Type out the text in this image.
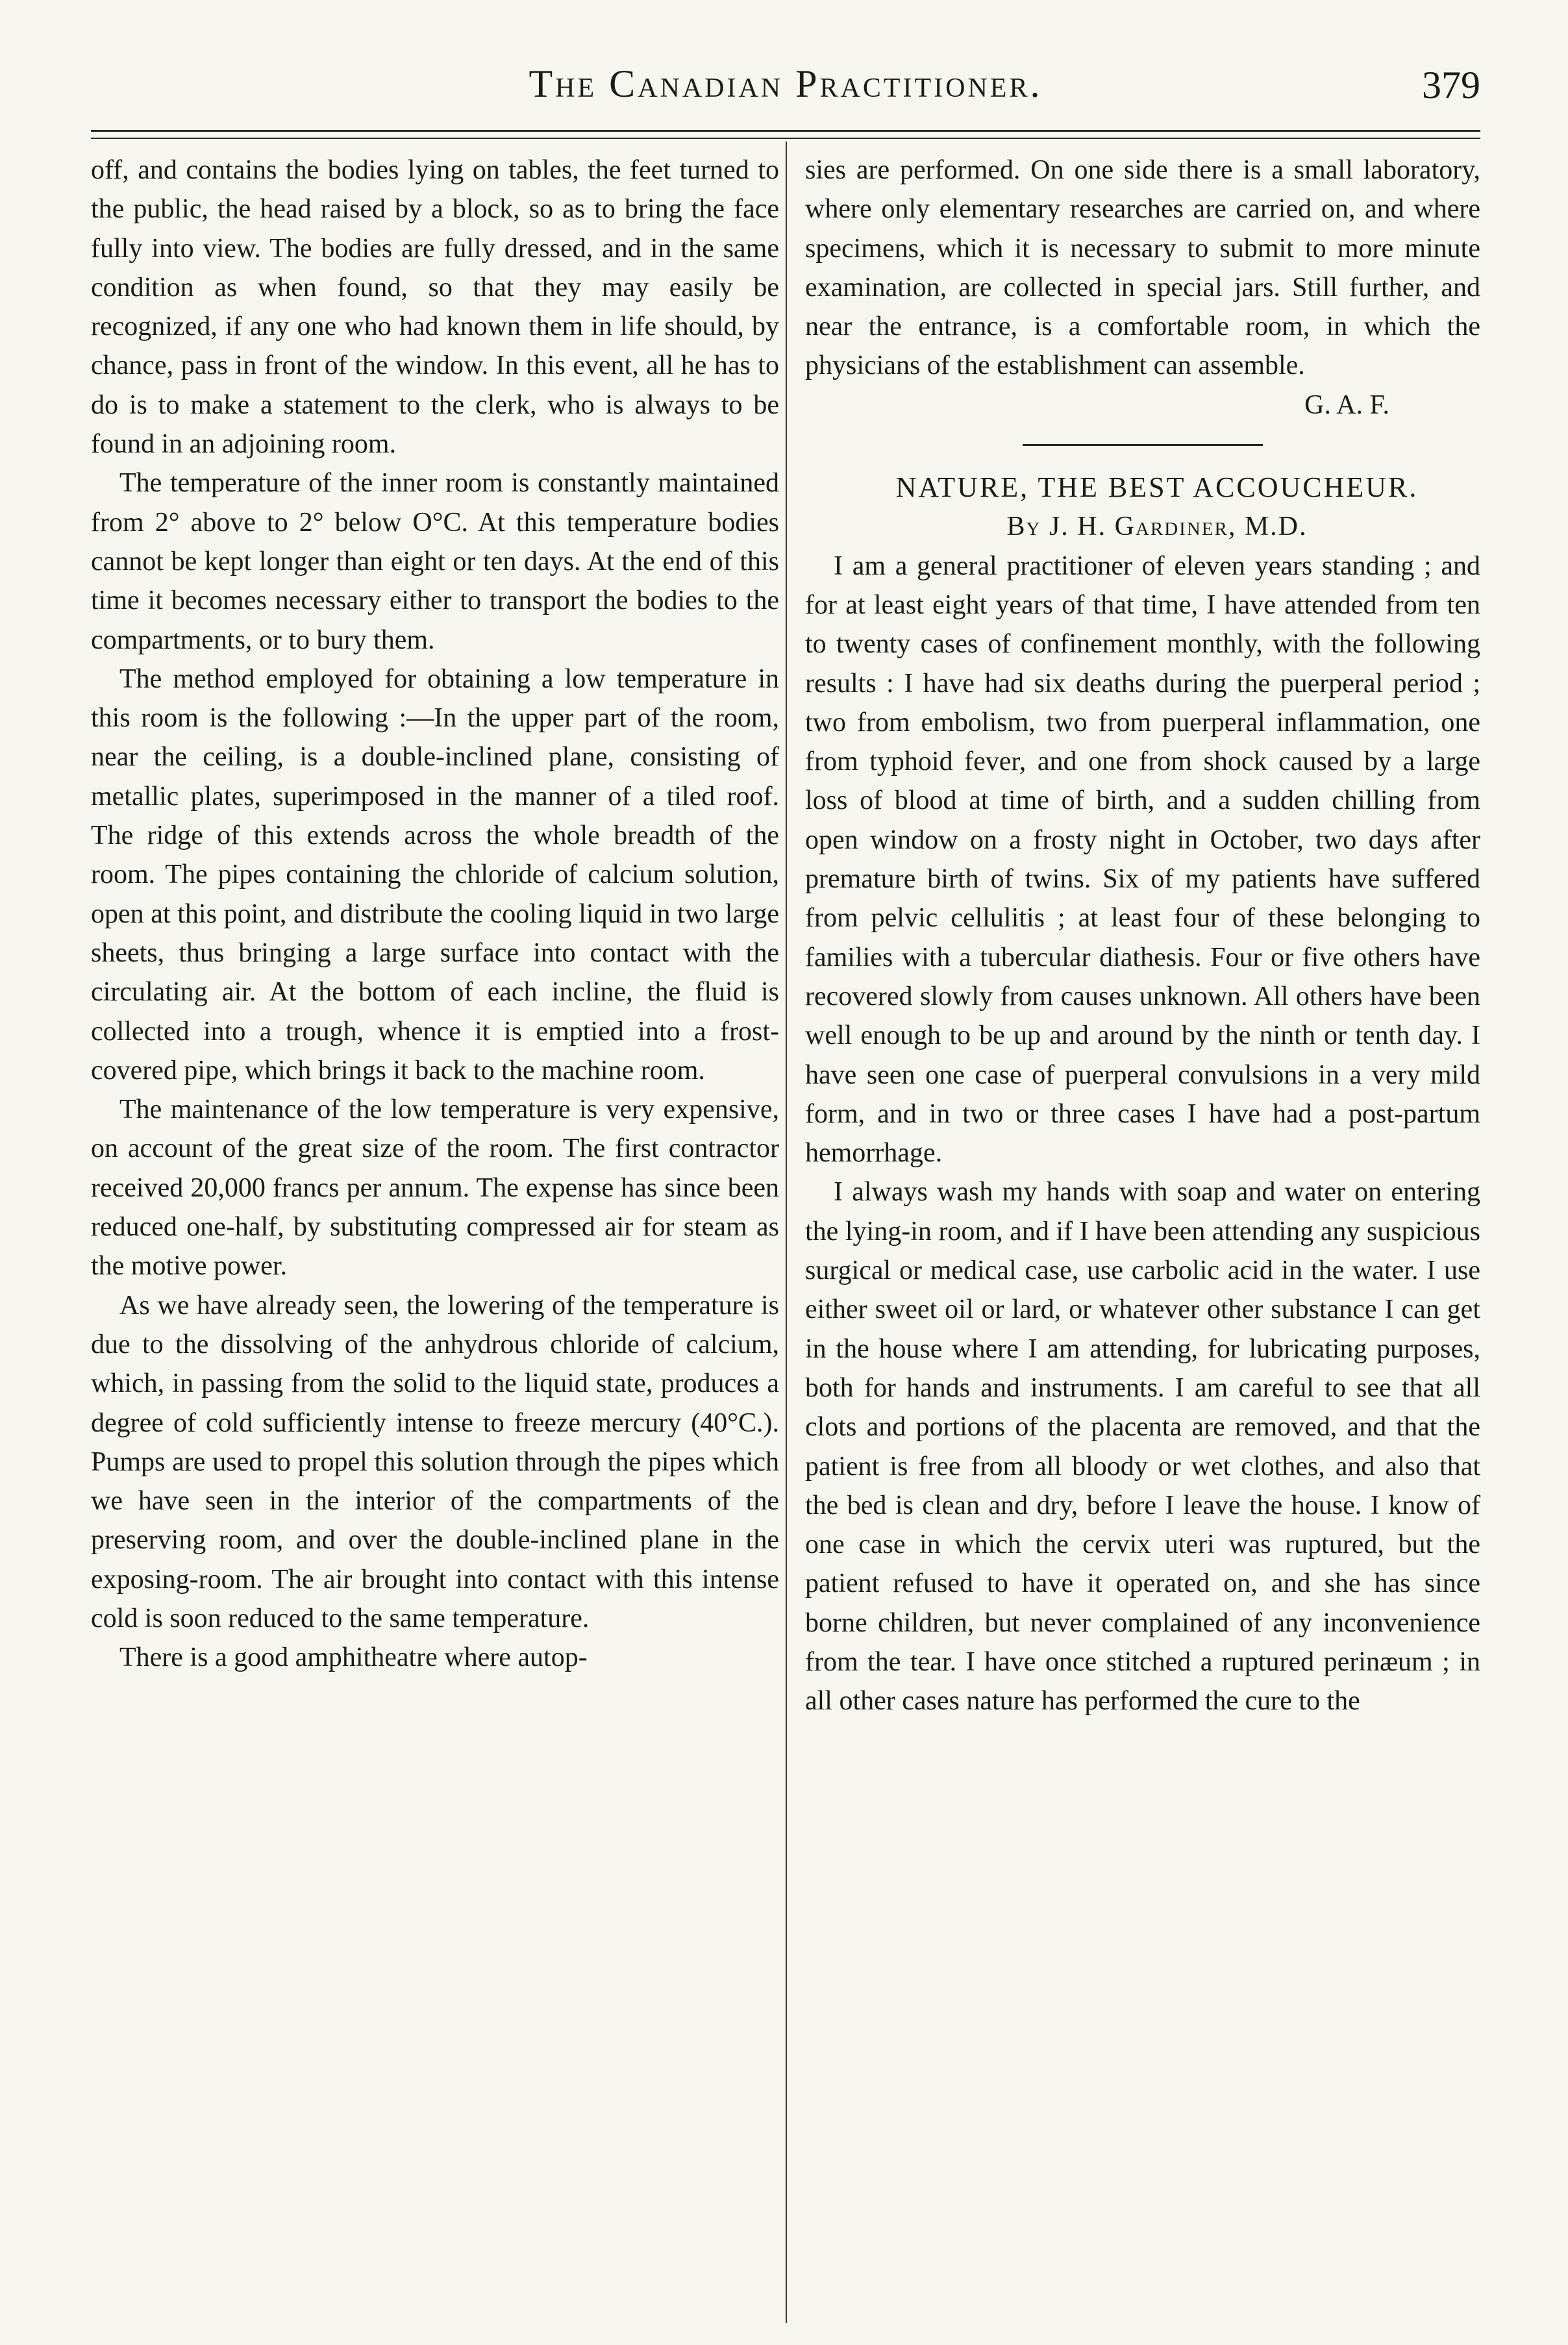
The Canadian Practitioner.	379

off, and contains the bodies lying on tables, the feet turned to the public, the head raised by a block, so as to bring the face fully into view. The bodies are fully dressed, and in the same condition as when found, so that they may easily be recognized, if any one who had known them in life should, by chance, pass in front of the window. In this event, all he has to do is to make a statement to the clerk, who is always to be found in an adjoining room.

The temperature of the inner room is constantly maintained from 2° above to 2° below O°C. At this temperature bodies cannot be kept longer than eight or ten days. At the end of this time it becomes necessary either to transport the bodies to the compartments, or to bury them.

The method employed for obtaining a low temperature in this room is the following :—In the upper part of the room, near the ceiling, is a double-inclined plane, consisting of metallic plates, superimposed in the manner of a tiled roof. The ridge of this extends across the whole breadth of the room. The pipes containing the chloride of calcium solution, open at this point, and distribute the cooling liquid in two large sheets, thus bringing a large surface into contact with the circulating air. At the bottom of each incline, the fluid is collected into a trough, whence it is emptied into a frost-covered pipe, which brings it back to the machine room.

The maintenance of the low temperature is very expensive, on account of the great size of the room. The first contractor received 20,000 francs per annum. The expense has since been reduced one-half, by substituting compressed air for steam as the motive power.

As we have already seen, the lowering of the temperature is due to the dissolving of the anhydrous chloride of calcium, which, in passing from the solid to the liquid state, produces a degree of cold sufficiently intense to freeze mercury (40°C.). Pumps are used to propel this solution through the pipes which we have seen in the interior of the compartments of the preserving room, and over the double-inclined plane in the exposing-room. The air brought into contact with this intense cold is soon reduced to the same temperature.

There is a good amphitheatre where autop-

sies are performed. On one side there is a small laboratory, where only elementary researches are carried on, and where specimens, which it is necessary to submit to more minute examination, are collected in special jars. Still further, and near the entrance, is a comfortable room, in which the physicians of the establishment can assemble.

G. A. F.

NATURE, THE BEST ACCOUCHEUR.

By J. H. Gardiner, M.D.

I am a general practitioner of eleven years standing ; and for at least eight years of that time, I have attended from ten to twenty cases of confinement monthly, with the following results : I have had six deaths during the puerperal period ; two from embolism, two from puerperal inflammation, one from typhoid fever, and one from shock caused by a large loss of blood at time of birth, and a sudden chilling from open window on a frosty night in October, two days after premature birth of twins. Six of my patients have suffered from pelvic cellulitis ; at least four of these belonging to families with a tubercular diathesis. Four or five others have recovered slowly from causes unknown. All others have been well enough to be up and around by the ninth or tenth day. I have seen one case of puerperal convulsions in a very mild form, and in two or three cases I have had a post-partum hemorrhage.

I always wash my hands with soap and water on entering the lying-in room, and if I have been attending any suspicious surgical or medical case, use carbolic acid in the water. I use either sweet oil or lard, or whatever other substance I can get in the house where I am attending, for lubricating purposes, both for hands and instruments. I am careful to see that all clots and portions of the placenta are removed, and that the patient is free from all bloody or wet clothes, and also that the bed is clean and dry, before I leave the house. I know of one case in which the cervix uteri was ruptured, but the patient refused to have it operated on, and she has since borne children, but never complained of any inconvenience from the tear. I have once stitched a ruptured perinæum ; in all other cases nature has performed the cure to the
